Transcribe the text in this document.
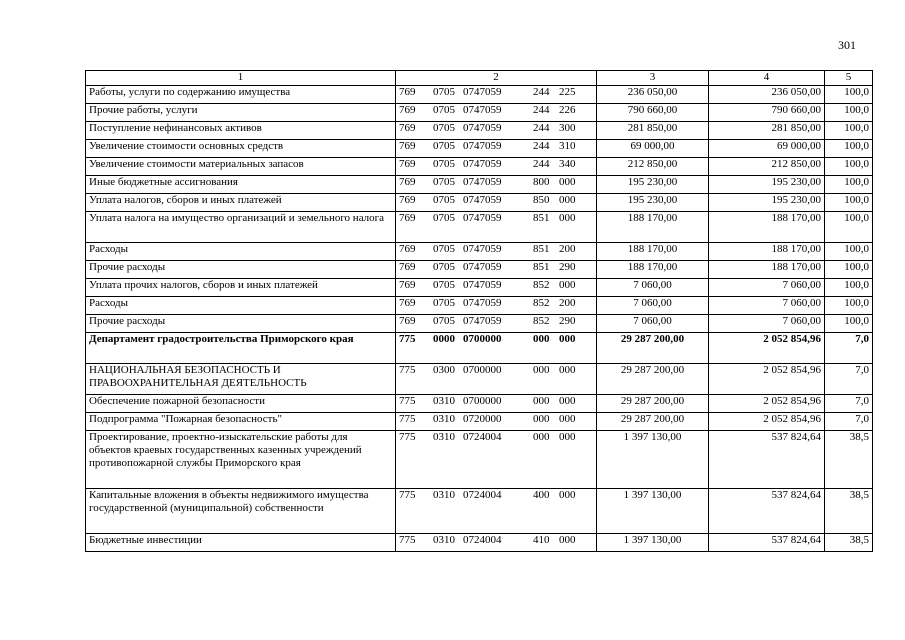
301
1	2	3	4	5
Работы, услуги по содержанию имущества	769 0705 0747059 244 225	236 050,00	236 050,00	100,0
Прочие работы, услуги	769 0705 0747059 244 226	790 660,00	790 660,00	100,0
Поступление нефинансовых активов	769 0705 0747059 244 300	281 850,00	281 850,00	100,0
Увеличение стоимости основных средств	769 0705 0747059 244 310	69 000,00	69 000,00	100,0
Увеличение стоимости материальных запасов	769 0705 0747059 244 340	212 850,00	212 850,00	100,0
Иные бюджетные ассигнования	769 0705 0747059 800 000	195 230,00	195 230,00	100,0
Уплата налогов, сборов и иных платежей	769 0705 0747059 850 000	195 230,00	195 230,00	100,0
Уплата налога на имущество организаций и земельного налога	769 0705 0747059 851 000	188 170,00	188 170,00	100,0
Расходы	769 0705 0747059 851 200	188 170,00	188 170,00	100,0
Прочие расходы	769 0705 0747059 851 290	188 170,00	188 170,00	100,0
Уплата прочих налогов, сборов и иных платежей	769 0705 0747059 852 000	7 060,00	7 060,00	100,0
Расходы	769 0705 0747059 852 200	7 060,00	7 060,00	100,0
Прочие расходы	769 0705 0747059 852 290	7 060,00	7 060,00	100,0
Департамент градостроительства Приморского края	775 0000 0700000 000 000	29 287 200,00	2 052 854,96	7,0
НАЦИОНАЛЬНАЯ БЕЗОПАСНОСТЬ И ПРАВООХРАНИТЕЛЬНАЯ ДЕЯТЕЛЬНОСТЬ	775 0300 0700000 000 000	29 287 200,00	2 052 854,96	7,0
Обеспечение пожарной безопасности	775 0310 0700000 000 000	29 287 200,00	2 052 854,96	7,0
Подпрограмма "Пожарная безопасность"	775 0310 0720000 000 000	29 287 200,00	2 052 854,96	7,0
Проектирование, проектно-изыскательские работы для объектов краевых государственных казенных учреждений противопожарной службы Приморского края	775 0310 0724004 000 000	1 397 130,00	537 824,64	38,5
Капитальные вложения в объекты недвижимого имущества государственной (муниципальной) собственности	775 0310 0724004 400 000	1 397 130,00	537 824,64	38,5
Бюджетные инвестиции	775 0310 0724004 410 000	1 397 130,00	537 824,64	38,5
